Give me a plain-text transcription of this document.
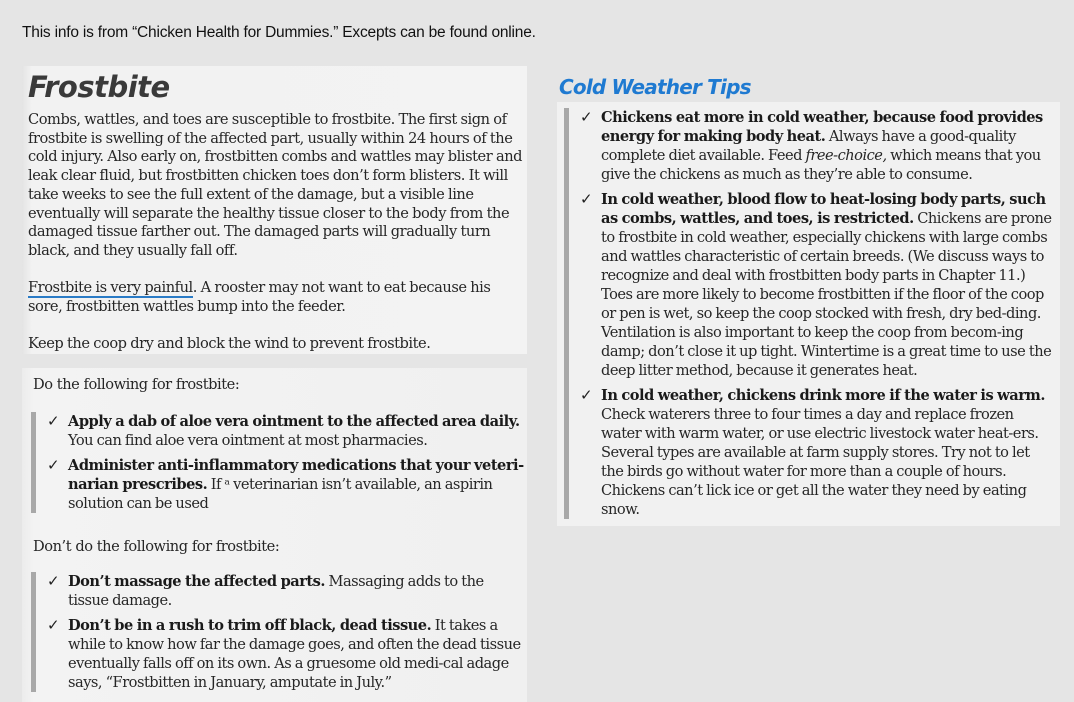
This info is from “Chicken Health for Dummies.” Excepts can be found online.
Frostbite
Combs, wattles, and toes are susceptible to frostbite. The first sign of frostbite is swelling of the affected part, usually within 24 hours of the cold injury. Also early on, frostbitten combs and wattles may blister and leak clear fluid, but frostbitten chicken toes don’t form blisters. It will take weeks to see the full extent of the damage, but a visible line eventually will separate the healthy tissue closer to the body from the damaged tissue farther out. The damaged parts will gradually turn black, and they usually fall off.
Frostbite is very painful. A rooster may not want to eat because his sore, frostbitten wattles bump into the feeder.
Keep the coop dry and block the wind to prevent frostbite.
Do the following for frostbite:
✓ Apply a dab of aloe vera ointment to the affected area daily. You can find aloe vera ointment at most pharmacies.
✓ Administer anti-inflammatory medications that your veteri-narian prescribes. If ᵃ veterinarian isn’t available, an aspirin solution can be used
Don’t do the following for frostbite:
✓ Don’t massage the affected parts. Massaging adds to the tissue damage.
✓ Don’t be in a rush to trim off black, dead tissue. It takes a while to know how far the damage goes, and often the dead tissue eventually falls off on its own. As a gruesome old medi-cal adage says, “Frostbitten in January, amputate in July.”
Cold Weather Tips
✓ Chickens eat more in cold weather, because food provides energy for making body heat. Always have a good-quality complete diet available. Feed free-choice, which means that you give the chickens as much as they’re able to consume.
✓ In cold weather, blood flow to heat-losing body parts, such as combs, wattles, and toes, is restricted. Chickens are prone to frostbite in cold weather, especially chickens with large combs and wattles characteristic of certain breeds. (We discuss ways to recognize and deal with frostbitten body parts in Chapter 11.) Toes are more likely to become frostbitten if the floor of the coop or pen is wet, so keep the coop stocked with fresh, dry bed-ding. Ventilation is also important to keep the coop from becom-ing damp; don’t close it up tight. Wintertime is a great time to use the deep litter method, because it generates heat.
✓ In cold weather, chickens drink more if the water is warm. Check waterers three to four times a day and replace frozen water with warm water, or use electric livestock water heat-ers. Several types are available at farm supply stores. Try not to let the birds go without water for more than a couple of hours. Chickens can’t lick ice or get all the water they need by eating snow.
